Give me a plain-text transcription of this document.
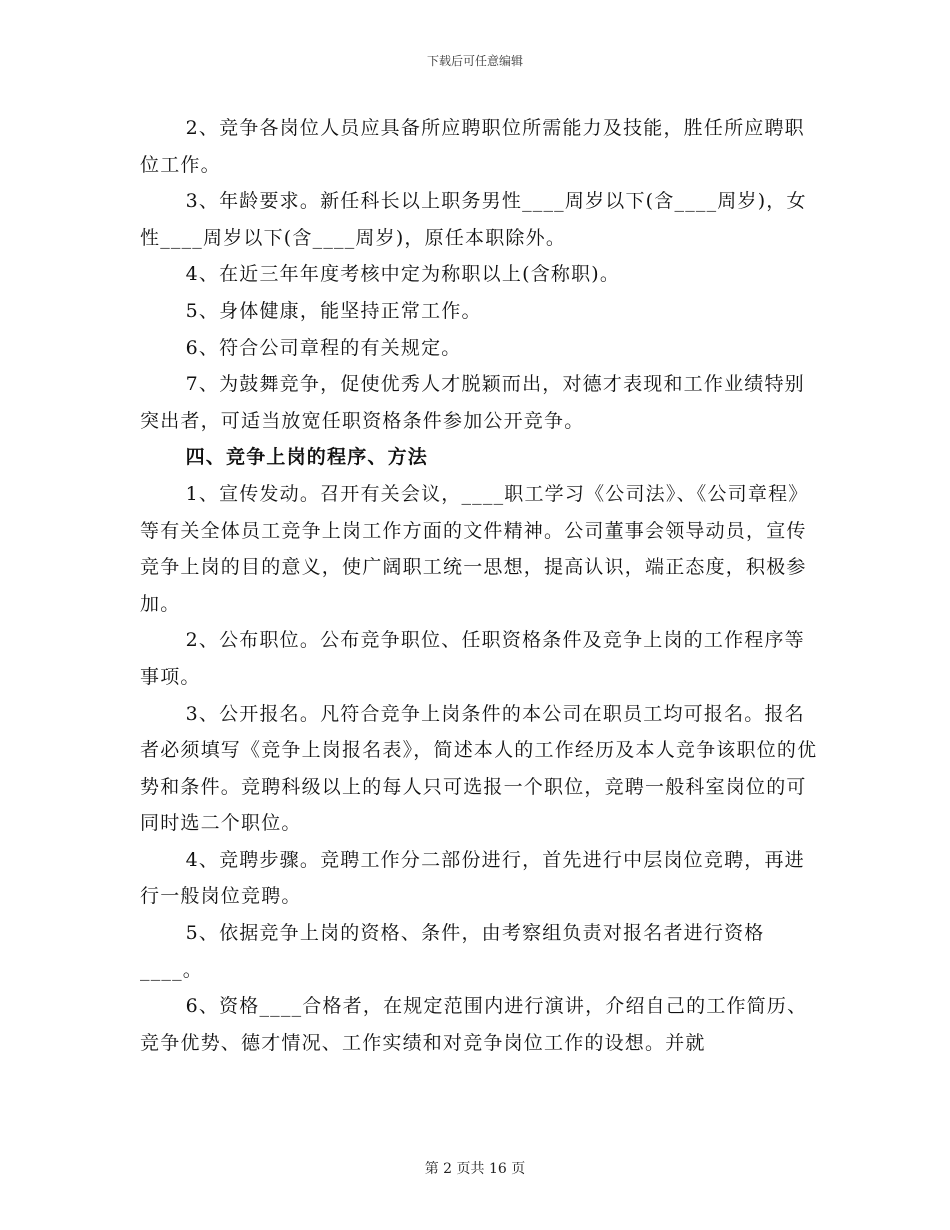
下载后可任意编辑

2、竞争各岗位人员应具备所应聘职位所需能力及技能，胜任所应聘职位工作。

3、年龄要求。新任科长以上职务男性____周岁以下(含____周岁)，女性____周岁以下(含____周岁)，原任本职除外。

4、在近三年年度考核中定为称职以上(含称职)。

5、身体健康，能坚持正常工作。

6、符合公司章程的有关规定。

7、为鼓舞竞争，促使优秀人才脱颖而出，对德才表现和工作业绩特别突出者，可适当放宽任职资格条件参加公开竞争。

四、竞争上岗的程序、方法

1、宣传发动。召开有关会议，____职工学习《公司法》、《公司章程》等有关全体员工竞争上岗工作方面的文件精神。公司董事会领导动员，宣传竞争上岗的目的意义，使广阔职工统一思想，提高认识，端正态度，积极参加。

2、公布职位。公布竞争职位、任职资格条件及竞争上岗的工作程序等事项。

3、公开报名。凡符合竞争上岗条件的本公司在职员工均可报名。报名者必须填写《竞争上岗报名表》，简述本人的工作经历及本人竞争该职位的优势和条件。竞聘科级以上的每人只可选报一个职位，竞聘一般科室岗位的可同时选二个职位。

4、竞聘步骤。竞聘工作分二部份进行，首先进行中层岗位竞聘，再进行一般岗位竞聘。

5、依据竞争上岗的资格、条件，由考察组负责对报名者进行资格____。

6、资格____合格者，在规定范围内进行演讲，介绍自己的工作简历、竞争优势、德才情况、工作实绩和对竞争岗位工作的设想。并就

第 2 页共 16 页
